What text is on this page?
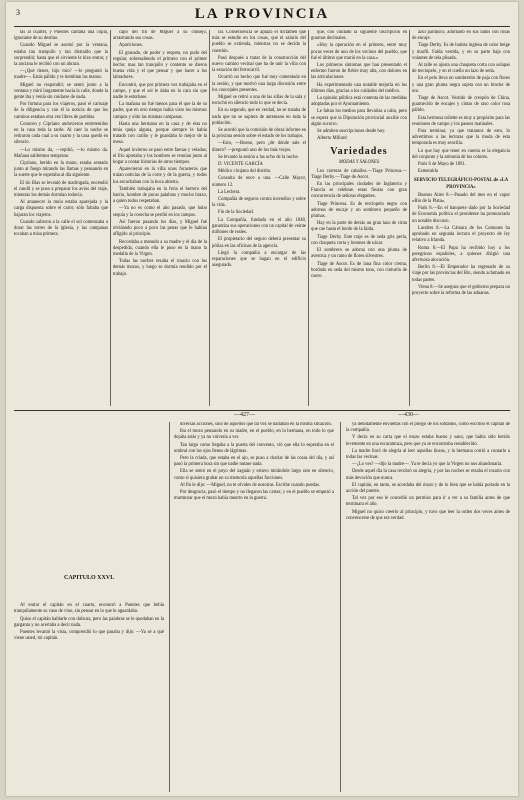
3	LA PROVINCIA

tas al cuartel, y Puentes cantaba una copla, ignorante de su destino.

Cuando Miguel se asomó por la ventana, estaba tan tranquilo y tan distraído que la sorprendió; hasta que el sirviente le hizo entrar, y la anciana le recibió con un abrazo.

—¿Qué tienes, hijo mío? —le preguntó la madre—. Estás pálido y te tiemblan las manos.

Miguel no respondió; se sentó junto a la ventana y miró largamente hacia la calle, donde la gente iba y venía sin cuidarse de nada.

Por fortuna para los viajeros, pasó el carruaje de la diligencia y con él la noticia de que los caminos estaban otra vez libres de partidas.

Conocen y Cipriano anduvieron entretenidos en la casa toda la tarde. Al caer la noche se retiraron cada cual a su cuarto y la casa quedó en silencio.

—Lo mismo da, —repitió, —lo mismo da. Mañana saldremos temprano.

Cipriano, herido en la mano, estaba sentado junto al fuego mirando las llamas y pensando en la suerte que le esperaba al día siguiente.

El tío Blas se levantó de madrugada, encendió el candil y se puso a preparar los avíos del viaje, mientras los demás dormían todavía.

Al amanecer la mula estaba aparejada y la carga dispuesta sobre el carro; sólo faltaba que bajaran los viajeros.

Cuando salieron a la calle el sol comenzaba a dorar las torres de la iglesia, y las campanas tocaban a misa primera.

capó del fin de Miguel a su consejo, arrastrando sus cosas.

Apariciones.

El granado, de poder y respeto, no pudo del regular, sobresaliendo el primero con el primer hecho; mas tan tranquilo y contento se dieron buena vida y el que pensar y que hacer a los labradores.

Encontró, que por primera vez trabajaba en el campo, y que el sol le daba en la cara sin que nadie le estorbase.

La mañana no fué menos para él que la de su padre, que en otro tiempo había visto los mismos campos y oído las mismas campanas.

Hasta una hermana en la casa y de ésta no tenía queja alguna, porque siempre le había tratado con cariño y le guardaba lo mejor de la mesa.

Aquel invierno se pasó entre faenas y veladas; el frío apretaba y los hombres se reunían junto al hogar a contar historias de otros tiempos.

Aparecieron en la villa unos forasteros que traían noticias de la corte y de la guerra, y todos los escuchaban con la boca abierta.

También trabajaba en la feria el herrero del barrio, hombre de pocas palabras y mucho brazo, a quien todos respetaban.

—Ya no es como el año pasado, que hubo sequía y la cosecha se perdió en los campos.

Así fueron pasando los días, y Miguel fué olvidando poco a poco las penas que le habían afligido al principio.

Recordaba a menudo a su madre y el día de la despedida, cuando ella le puso en la mano la medalla de la Virgen.

Todas las noches rezaba el rosario con los demás mozos, y luego se dormía rendido por el trabajo.

ral. Consecuencia se aplazó el dictamen que más se estudie en los cosas, que el salario del pueblo se extienda, mientras no se decida la cuestión.

Pasó después a tratar de la construcción del nuevo camino vecinal que ha de unir la villa con la estación del ferrocarril.

Ocurrió un hecho que fué muy comentado en la sesión, y que motivó una larga discusión entre los concejales presentes.

Miguel se retiró a una de las sillas de la sala y escuchó en silencio todo lo que se decía.

En su segundo, que en verdad, no se trataba de nada que no se supiera de antemano en toda la población.

Se acordó que la comisión de obras informe en la próxima sesión sobre el estado de los trabajos.

—Esto, —Bueno, pero ¿de dónde sale el dinero? —preguntó uno de los más viejos.

Se levantó la sesión a las ocho de la noche.

D. VICENTE GARCÍA

Médico cirujano del distrito.

Consulta de once a una. —Calle Mayor, número 12.

La Lechera.

Compañía de seguros contra incendios y sobre la vida.

Fin de la Sociedad.

La Compañía, fundada en el año 1848, garantiza sus operaciones con un capital de veinte millones de reales.

El propietario del seguro deberá presentar su póliza en las oficinas de la agencia.

Llegó la compañía a encargar de las reparaciones que se hagan en el edificio asegurado.

que, con cuidado la siguiente inscripción en guarnas decimales.

«Hoy la operación en el primero, entre muy pocas veces de uno de los vecinos del pueblo, que fué el último que murió en la casa.»

Los primeros síntomas que han presentado el enfermo fueron de fiebre muy alta, con dolores en las articulaciones.

Ha experimentado una notable mejoría en los últimos días, gracias a los cuidados del médico.

La opinión pública está contenta de las medidas adoptadas por el Ayuntamiento.

Le faltan los medios para llevarlas a cabo, pero se espera que la Diputación provincial auxilie con algún socorro.

Se admiten suscripciones desde hoy.

Alberto Millard

Variedades

MODAS Y SALONES

Los carreras de caballos.—Tiage Princesa.—Tiage Derby.—Tiage de Ascot.

En las principales ciudades de Inglaterra y Francia se celebran estas fiestas con gran concurrencia de señoras elegantes.

Tiage Princesa. Es de terciopelo negro con adornos de encaje y un sombrero pequeño de plumas.

Hay en la parte de detrás un gran lazo de cinta que cae hasta el borde de la falda.

Tiage Derby. Este traje es de seda gris perla, con chaqueta corta y botones de nácar.

El sombrero se adorna con una pluma de avestruz y un ramo de flores silvestres.

Tiage de Ascot. Es de lana fina color crema, bordado en seda del mismo tono, con cinturón de cuero.

azul pardusco, adornado en sus lados con rosas de encaje.

Tiage Derby. Es de batista inglesa de color beige y marfil. Falda vestida, y en su parte baja con volantes de tela plisada.

Al talle se ajusta una chaqueta corta con solapas de terciopelo, y en el cuello un lazo de seda.

En el pelo lleva un sombrerito de paja con flores y una gran pluma negra sujeta con un broche de oro.

Tiage de Ascot. Vestido de crespón de China, guarnecido de encajes y cintas de raso color rosa pálido.

Esta hermosa toilette es muy a propósito para las reuniones de campo y los paseos matinales.

Para terminar, ya que tratamos de esto, lo advertimos a las lectoras que la moda de esta temporada es muy sencilla.

Lo que hay que tener en cuenta es la elegancia del conjunto y la armonía de los colores.

Paris 6 de Mayo de 1891.

Esmeralda

SERVICIO TELEGRÁFICO-POSTAL de «LA PROVINCIA»

Buenos Aires 8.—Pasado del mes en el vapor «Río de la Plata».

París 8.—En el banquete dado por la Sociedad de Economía política el presidente ha pronunciado un notable discurso.

Londres 8.—La Cámara de los Comunes ha aprobado en segunda lectura el proyecto de ley relativo a Irlanda.

Roma 8.—El Papa ha recibido hoy a los peregrinos españoles, a quienes dirigió una afectuosa alocución.

Berlín 8.—El Emperador ha regresado de su viaje por las provincias del Rin, siendo aclamado en todas partes.

Viena 8.—Se asegura que el gobierno prepara un proyecto sobre la reforma de las aduanas.

—427—	—430—

CAPITULO XXVI.

Al entrar el capitán en el cuarto, encontró a Puentes que bebía tranquilamente su vaso de vino, sin pensar en lo que le aguardaba.

Quiso el capitán hablarle con dulzura, pero las palabras se le quedaban en la garganta y no acertaba a decir nada.

Puentes levantó la vista, comprendió lo que pasaba y dijo: —Ya sé a qué viene usted, mi capitán.

diversas acciones, sino de aquellos que tal vez se hallaban en la misma situación.

Iba el mozo pensando en su madre, en el pueblo, en la hermana, en todo lo que dejaba atrás y ya no volvería a ver.

Tan largo como llegaba a la puerta del convento, vió que ella lo esperaba en el umbral con los ojos llenos de lágrimas.

Pero la criada, que estaba en el ajo, se puso a charlar de las cosas del día, y así pasó la primera hora sin que nadie notase nada.

Ella se sentó en el poyo del zaguán y estuvo mirándole largo rato en silencio, como si quisiera grabar en su memoria aquellas facciones.

Al fin le dijo: —Miguel, no te olvides de nosotras. Escribe cuando puedas.

Por desgracia, pasó el tiempo y no llegaron las cartas; y en el pueblo se empezó a murmurar que el mozo había muerto en la guerra.

ya debidamente envueltas con el pliego de los soldados, como escribió el capitán de la compañía.

Y decía en su carta que el mozo estaba bueno y sano, que había sido herido levemente en una escaramuza, pero que ya se encontraba restablecido.

La madre lloró de alegría al leer aquellas líneas, y la hermana corrió a contarlo a todas las vecinas.

—¿Lo ves? —dijo la madre—. Ya te decía yo que la Virgen no nos abandonaría.

Desde aquel día la casa recobró su alegría, y por las noches se rezaba el rosario con más devoción que nunca.

El capitán, en tanto, se acordaba del mozo y de lo bien que se había portado en la acción del puente.

Tal vez por eso le concedió un permiso para ir a ver a su familia antes de que terminara el año.

Miguel no quiso creerlo al principio, y tuvo que leer la orden dos veces antes de convencerse de que era verdad.
